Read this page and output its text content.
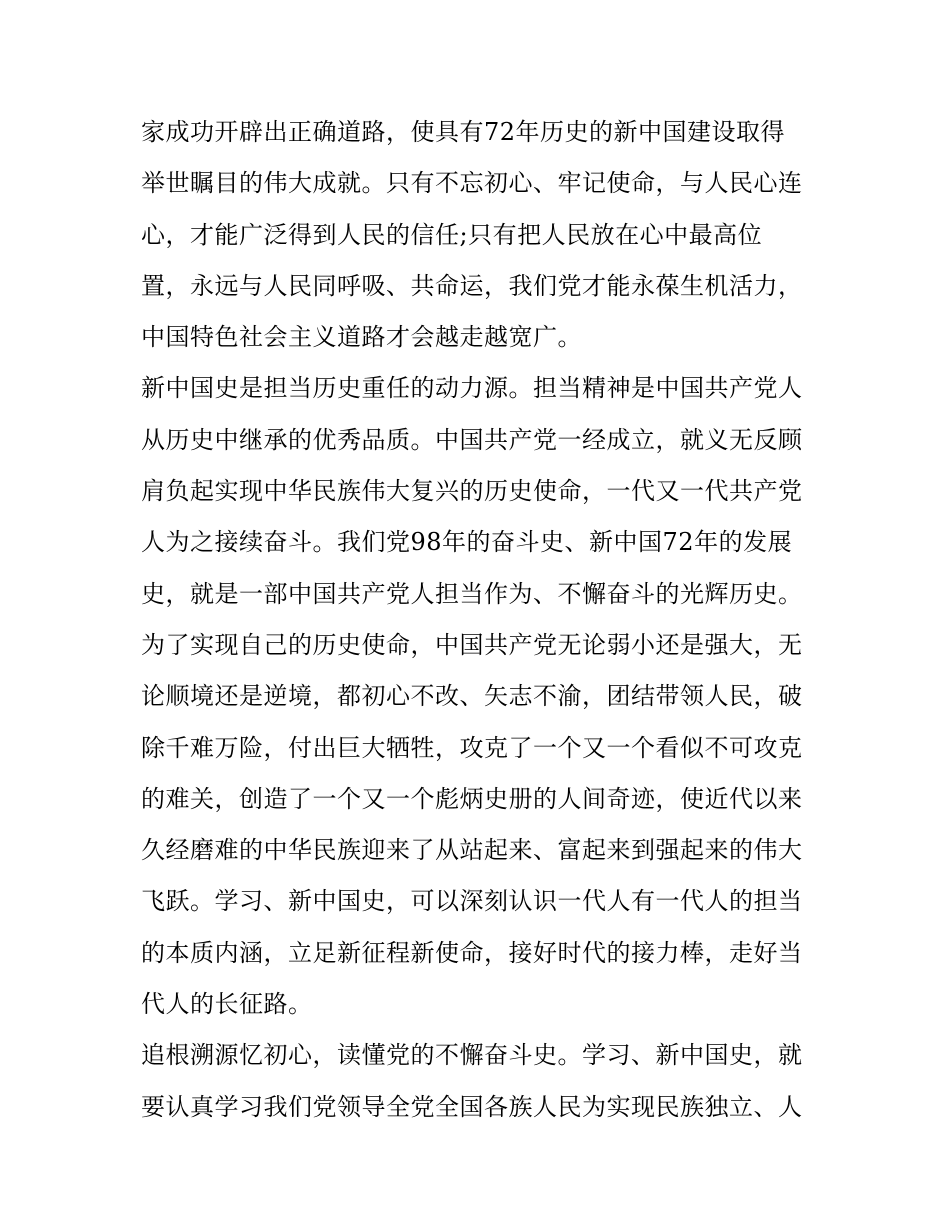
家成功开辟出正确道路，使具有72年历史的新中国建设取得
举世瞩目的伟大成就。只有不忘初心、牢记使命，与人民心连
心，才能广泛得到人民的信任;只有把人民放在心中最高位
置，永远与人民同呼吸、共命运，我们党才能永葆生机活力，
中国特色社会主义道路才会越走越宽广。
新中国史是担当历史重任的动力源。担当精神是中国共产党人
从历史中继承的优秀品质。中国共产党一经成立，就义无反顾
肩负起实现中华民族伟大复兴的历史使命，一代又一代共产党
人为之接续奋斗。我们党98年的奋斗史、新中国72年的发展
史，就是一部中国共产党人担当作为、不懈奋斗的光辉历史。
为了实现自己的历史使命，中国共产党无论弱小还是强大，无
论顺境还是逆境，都初心不改、矢志不渝，团结带领人民，破
除千难万险，付出巨大牺牲，攻克了一个又一个看似不可攻克
的难关，创造了一个又一个彪炳史册的人间奇迹，使近代以来
久经磨难的中华民族迎来了从站起来、富起来到强起来的伟大
飞跃。学习、新中国史，可以深刻认识一代人有一代人的担当
的本质内涵，立足新征程新使命，接好时代的接力棒，走好当
代人的长征路。
追根溯源忆初心，读懂党的不懈奋斗史。学习、新中国史，就
要认真学习我们党领导全党全国各族人民为实现民族独立、人
